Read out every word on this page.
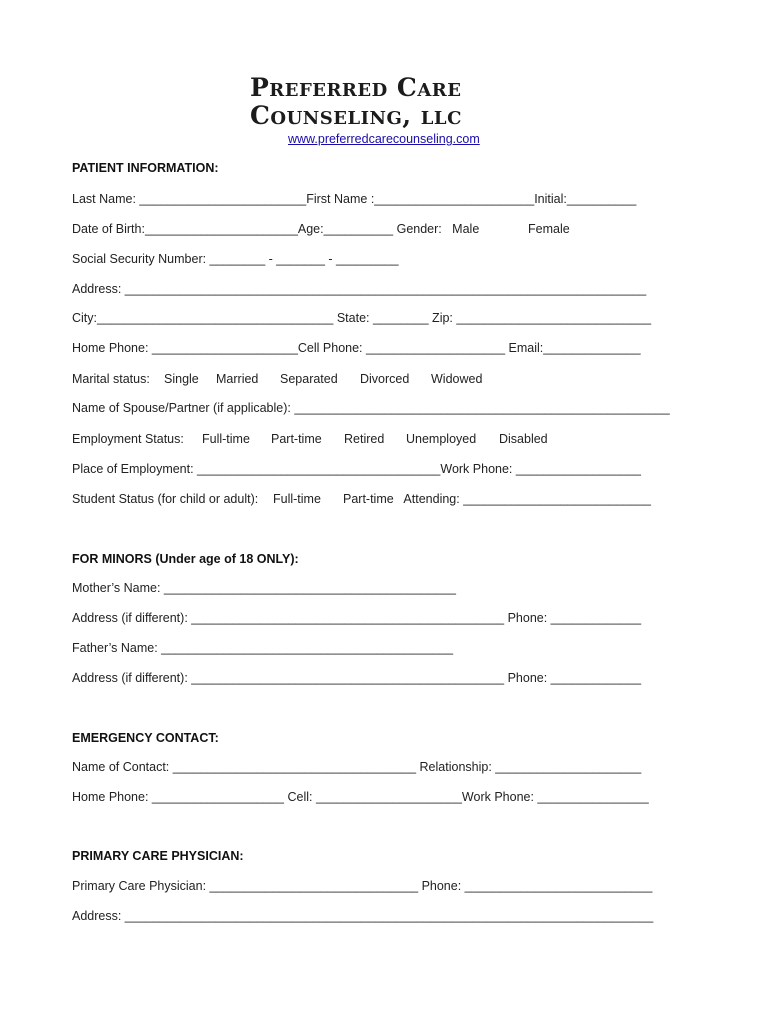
Preferred Care
Counseling, llc
www.preferredcarecounseling.com
PATIENT INFORMATION:
Last Name: ________________________First Name :_______________________Initial:__________
Date of Birth:______________________Age:__________ Gender:   Male	Female
Social Security Number: ________ - _______ - _________
Address: ___________________________________________________________________________
City:__________________________________ State: ________ Zip: ____________________________
Home Phone: _____________________Cell Phone: ____________________ Email:______________
Marital status: Single Married Separated Divorced Widowed
Name of Spouse/Partner (if applicable): ______________________________________________________
Employment Status: Full-time Part-time Retired Unemployed Disabled
Place of Employment: ___________________________________Work Phone: __________________
Student Status (for child or adult): Full-time Part-time   Attending: ___________________________
FOR MINORS (Under age of 18 ONLY):
Mother’s Name: __________________________________________
Address (if different): _____________________________________________ Phone: _____________
Father’s Name: __________________________________________
Address (if different): _____________________________________________ Phone: _____________
EMERGENCY CONTACT:
Name of Contact: ___________________________________ Relationship: _____________________
Home Phone: ___________________ Cell: _____________________Work Phone: ________________
PRIMARY CARE PHYSICIAN:
Primary Care Physician: ______________________________ Phone: ___________________________
Address: ____________________________________________________________________________
